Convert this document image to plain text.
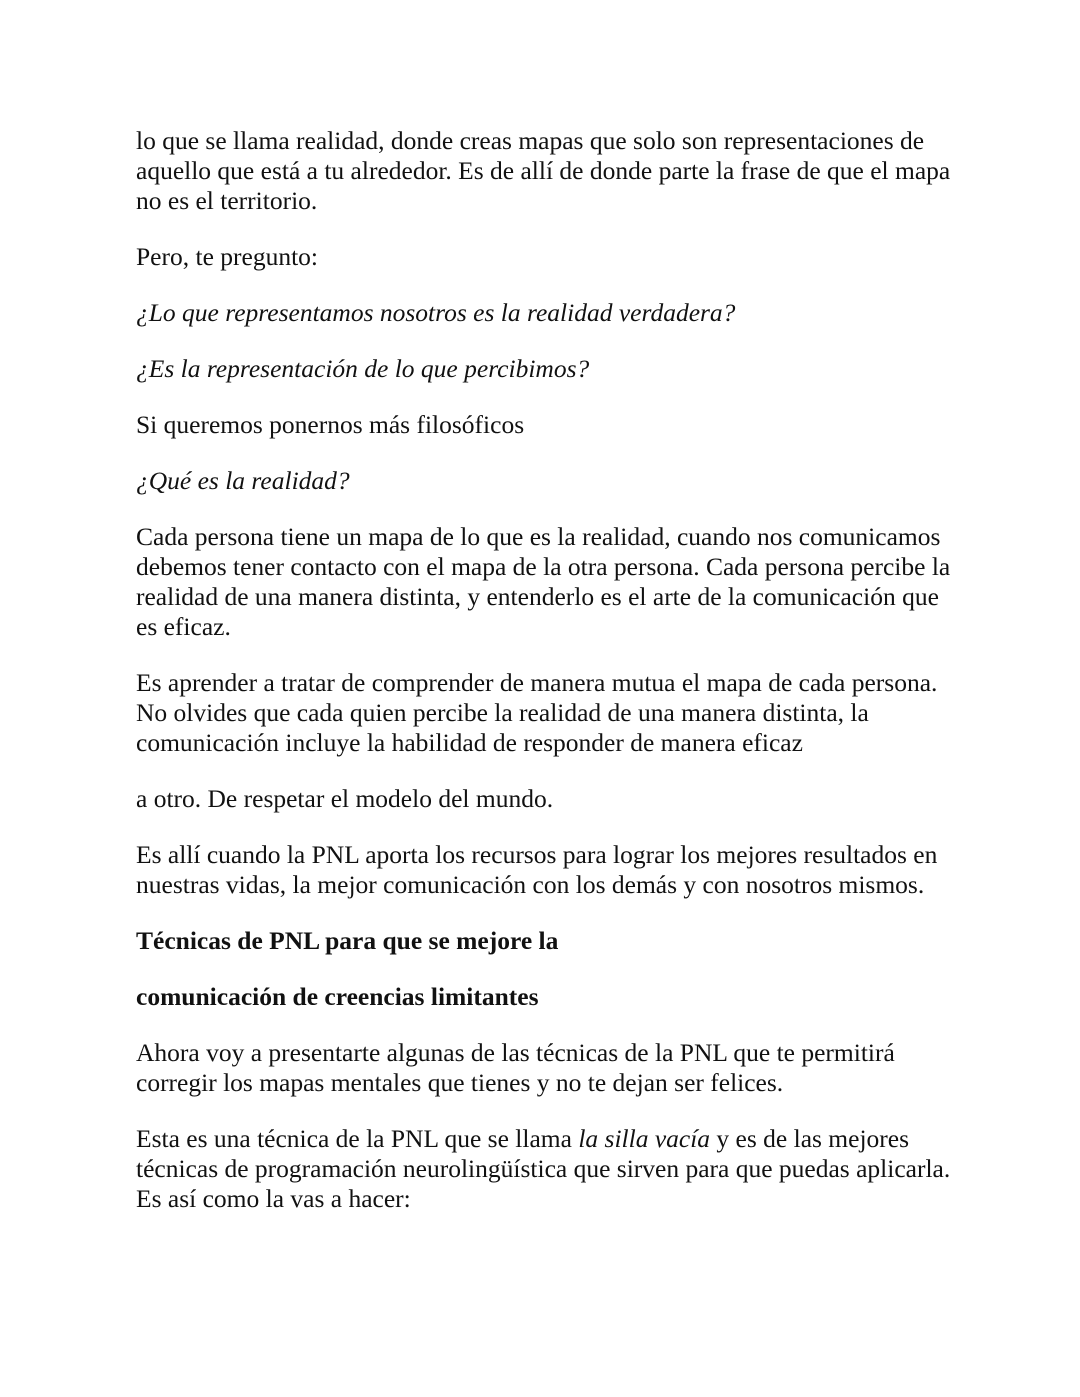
lo que se llama realidad, donde creas mapas que solo son representaciones de aquello que está a tu alrededor. Es de allí de donde parte la frase de que el mapa no es el territorio.

Pero, te pregunto:

¿Lo que representamos nosotros es la realidad verdadera?

¿Es la representación de lo que percibimos?

Si queremos ponernos más filosóficos

¿Qué es la realidad?

Cada persona tiene un mapa de lo que es la realidad, cuando nos comunicamos debemos tener contacto con el mapa de la otra persona. Cada persona percibe la realidad de una manera distinta, y entenderlo es el arte de la comunicación que es eficaz.

Es aprender a tratar de comprender de manera mutua el mapa de cada persona. No olvides que cada quien percibe la realidad de una manera distinta, la comunicación incluye la habilidad de responder de manera eficaz

a otro. De respetar el modelo del mundo.

Es allí cuando la PNL aporta los recursos para lograr los mejores resultados en nuestras vidas, la mejor comunicación con los demás y con nosotros mismos.

Técnicas de PNL para que se mejore la

comunicación de creencias limitantes

Ahora voy a presentarte algunas de las técnicas de la PNL que te permitirá corregir los mapas mentales que tienes y no te dejan ser felices.

Esta es una técnica de la PNL que se llama la silla vacía y es de las mejores técnicas de programación neurolingüística que sirven para que puedas aplicarla. Es así como la vas a hacer:
